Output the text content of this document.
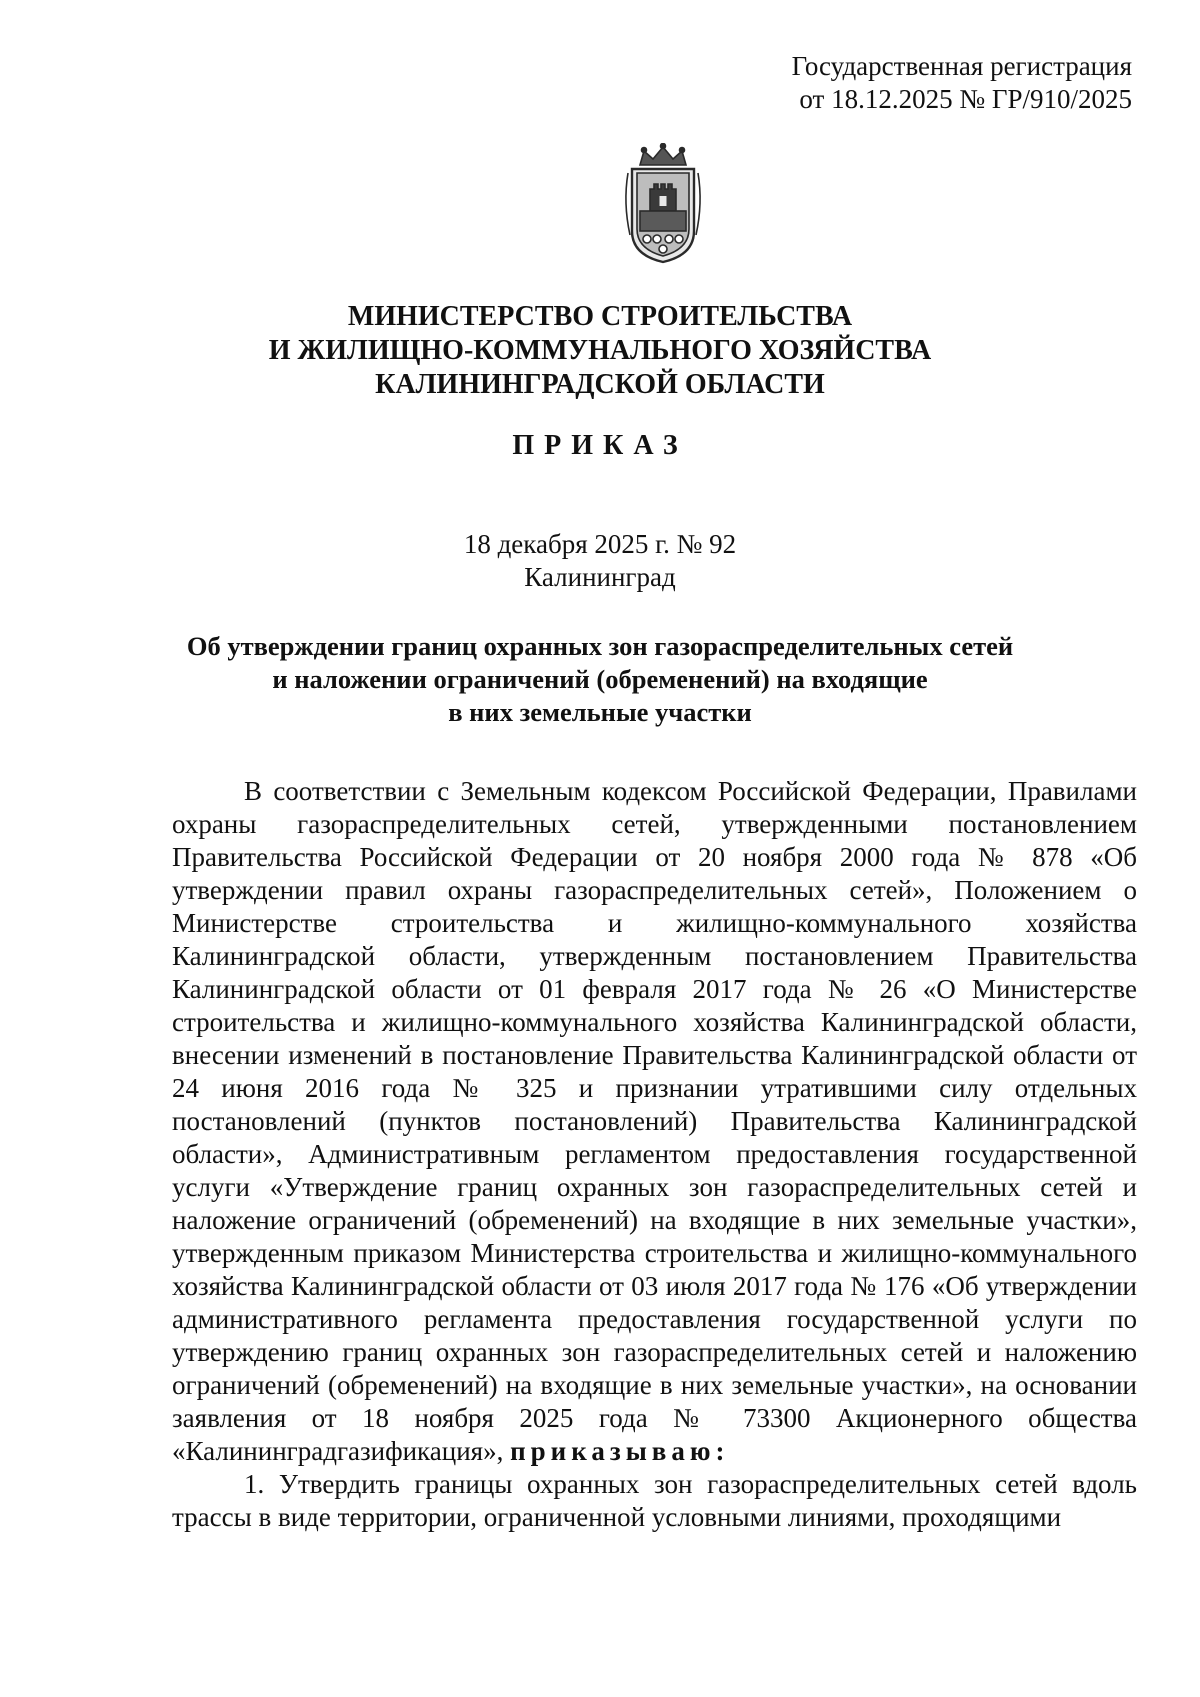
Государственная регистрация
от 18.12.2025 № ГР/910/2025
МИНИСТЕРСТВО СТРОИТЕЛЬСТВА
И ЖИЛИЩНО-КОММУНАЛЬНОГО ХОЗЯЙСТВА
КАЛИНИНГРАДСКОЙ ОБЛАСТИ
ПРИКАЗ
18 декабря 2025 г. № 92
Калининград
Об утверждении границ охранных зон газораспределительных сетей
и наложении ограничений (обременений) на входящие
в них земельные участки

В соответствии с Земельным кодексом Российской Федерации, Правилами охраны газораспределительных сетей, утвержденными постановлением Правительства Российской Федерации от 20 ноября 2000 года № 878 «Об утверждении правил охраны газораспределительных сетей», Положением о Министерстве строительства и жилищно-коммунального хозяйства Калининградской области, утвержденным постановлением Правительства Калининградской области от 01 февраля 2017 года № 26 «О Министерстве строительства и жилищно-коммунального хозяйства Калининградской области, внесении изменений в постановление Правительства Калининградской области от 24 июня 2016 года № 325 и признании утратившими силу отдельных постановлений (пунктов постановлений) Правительства Калининградской области», Административным регламентом предоставления государственной услуги «Утверждение границ охранных зон газораспределительных сетей и наложение ограничений (обременений) на входящие в них земельные участки», утвержденным приказом Министерства строительства и жилищно-коммунального хозяйства Калининградской области от 03 июля 2017 года № 176 «Об утверждении административного регламента предоставления государственной услуги по утверждению границ охранных зон газораспределительных сетей и наложению ограничений (обременений) на входящие в них земельные участки», на основании заявления от 18 ноября 2025 года № 73300 Акционерного общества «Калининградгазификация», приказываю:

1. Утвердить границы охранных зон газораспределительных сетей вдоль трассы в виде территории, ограниченной условными линиями, проходящими
